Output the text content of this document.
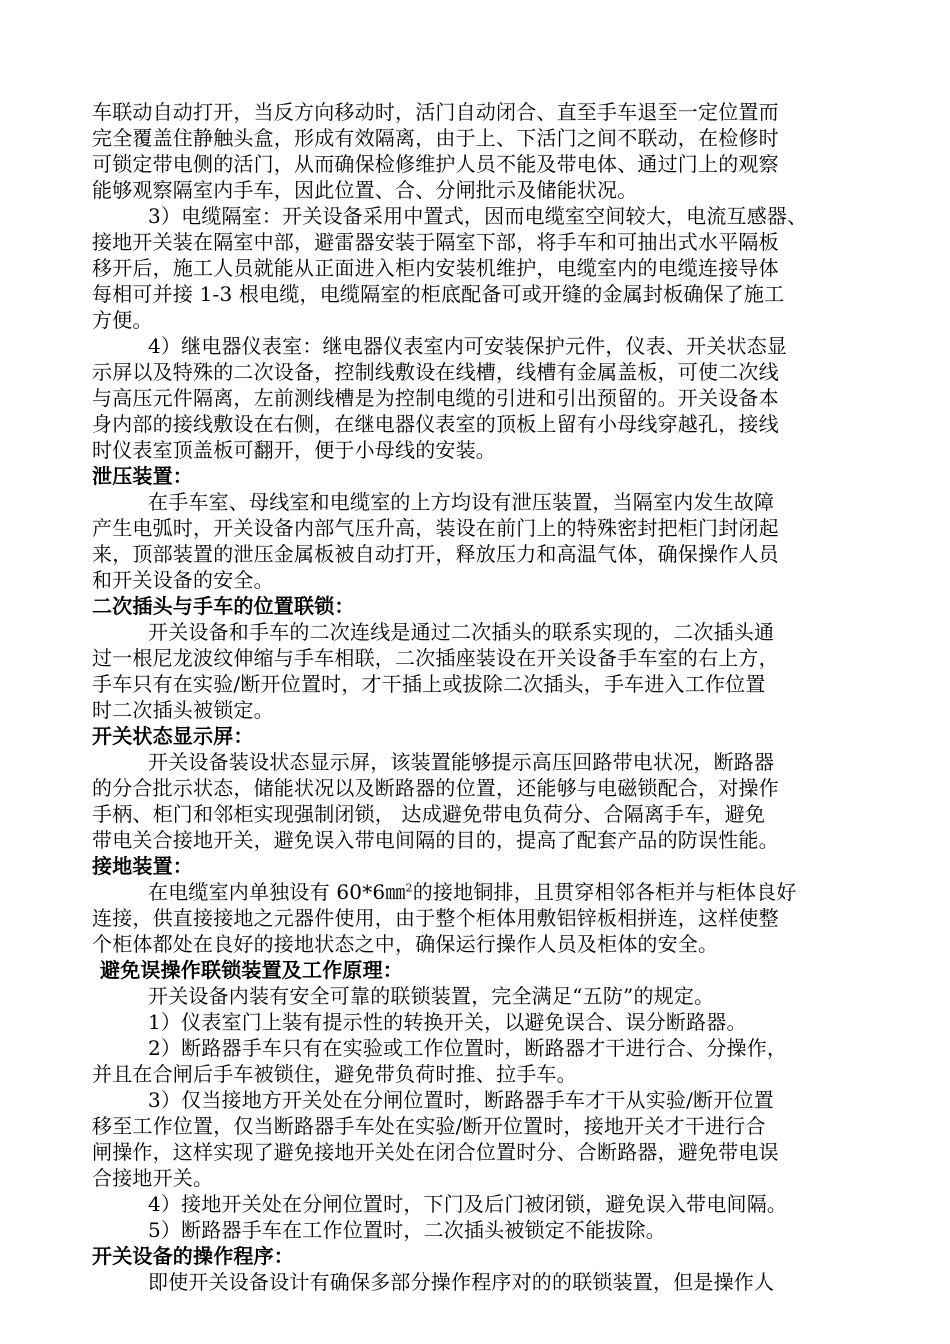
车联动自动打开，当反方向移动时，活门自动闭合、直至手车退至一定位置而
完全覆盖住静触头盒，形成有效隔离，由于上、下活门之间不联动，在检修时
可锁定带电侧的活门，从而确保检修维护人员不能及带电体、通过门上的观察
能够观察隔室内手车，因此位置、合、分闸批示及储能状况。
3）电缆隔室：开关设备采用中置式，因而电缆室空间较大，电流互感器、
接地开关装在隔室中部，避雷器安装于隔室下部，将手车和可抽出式水平隔板
移开后，施工人员就能从正面进入柜内安装机维护，电缆室内的电缆连接导体
每相可并接 1-3 根电缆，电缆隔室的柜底配备可或开缝的金属封板确保了施工
方便。
4）继电器仪表室：继电器仪表室内可安装保护元件，仪表、开关状态显
示屏以及特殊的二次设备，控制线敷设在线槽，线槽有金属盖板，可使二次线
与高压元件隔离，左前测线槽是为控制电缆的引进和引出预留的。开关设备本
身内部的接线敷设在右侧，在继电器仪表室的顶板上留有小母线穿越孔，接线
时仪表室顶盖板可翻开，便于小母线的安装。
泄压装置：
在手车室、母线室和电缆室的上方均设有泄压装置，当隔室内发生故障
产生电弧时，开关设备内部气压升高，装设在前门上的特殊密封把柜门封闭起
来，顶部装置的泄压金属板被自动打开，释放压力和高温气体，确保操作人员
和开关设备的安全。
二次插头与手车的位置联锁：
开关设备和手车的二次连线是通过二次插头的联系实现的，二次插头通
过一根尼龙波纹伸缩与手车相联，二次插座装设在开关设备手车室的右上方，
手车只有在实验/断开位置时，才干插上或拔除二次插头，手车进入工作位置
时二次插头被锁定。
开关状态显示屏：
开关设备装设状态显示屏，该装置能够提示高压回路带电状况，断路器
的分合批示状态，储能状况以及断路器的位置，还能够与电磁锁配合，对操作
手柄、柜门和邻柜实现强制闭锁， 达成避免带电负荷分、合隔离手车，避免
带电关合接地开关，避免误入带电间隔的目的，提高了配套产品的防误性能。
接地装置：
在电缆室内单独设有 60*6㎜$^2$的接地铜排，且贯穿相邻各柜并与柜体良好
连接，供直接接地之元器件使用，由于整个柜体用敷铝锌板相拼连，这样使整
个柜体都处在良好的接地状态之中，确保运行操作人员及柜体的安全。
避免误操作联锁装置及工作原理：
开关设备内装有安全可靠的联锁装置，完全满足“五防”的规定。
1）仪表室门上装有提示性的转换开关，以避免误合、误分断路器。
2）断路器手车只有在实验或工作位置时，断路器才干进行合、分操作，
并且在合闸后手车被锁住，避免带负荷时推、拉手车。
3）仅当接地方开关处在分闸位置时，断路器手车才干从实验/断开位置
移至工作位置，仅当断路器手车处在实验/断开位置时，接地开关才干进行合
闸操作，这样实现了避免接地开关处在闭合位置时分、合断路器，避免带电误
合接地开关。
4）接地开关处在分闸位置时，下门及后门被闭锁，避免误入带电间隔。
5）断路器手车在工作位置时，二次插头被锁定不能拔除。
开关设备的操作程序：
即使开关设备设计有确保多部分操作程序对的的联锁装置，但是操作人
